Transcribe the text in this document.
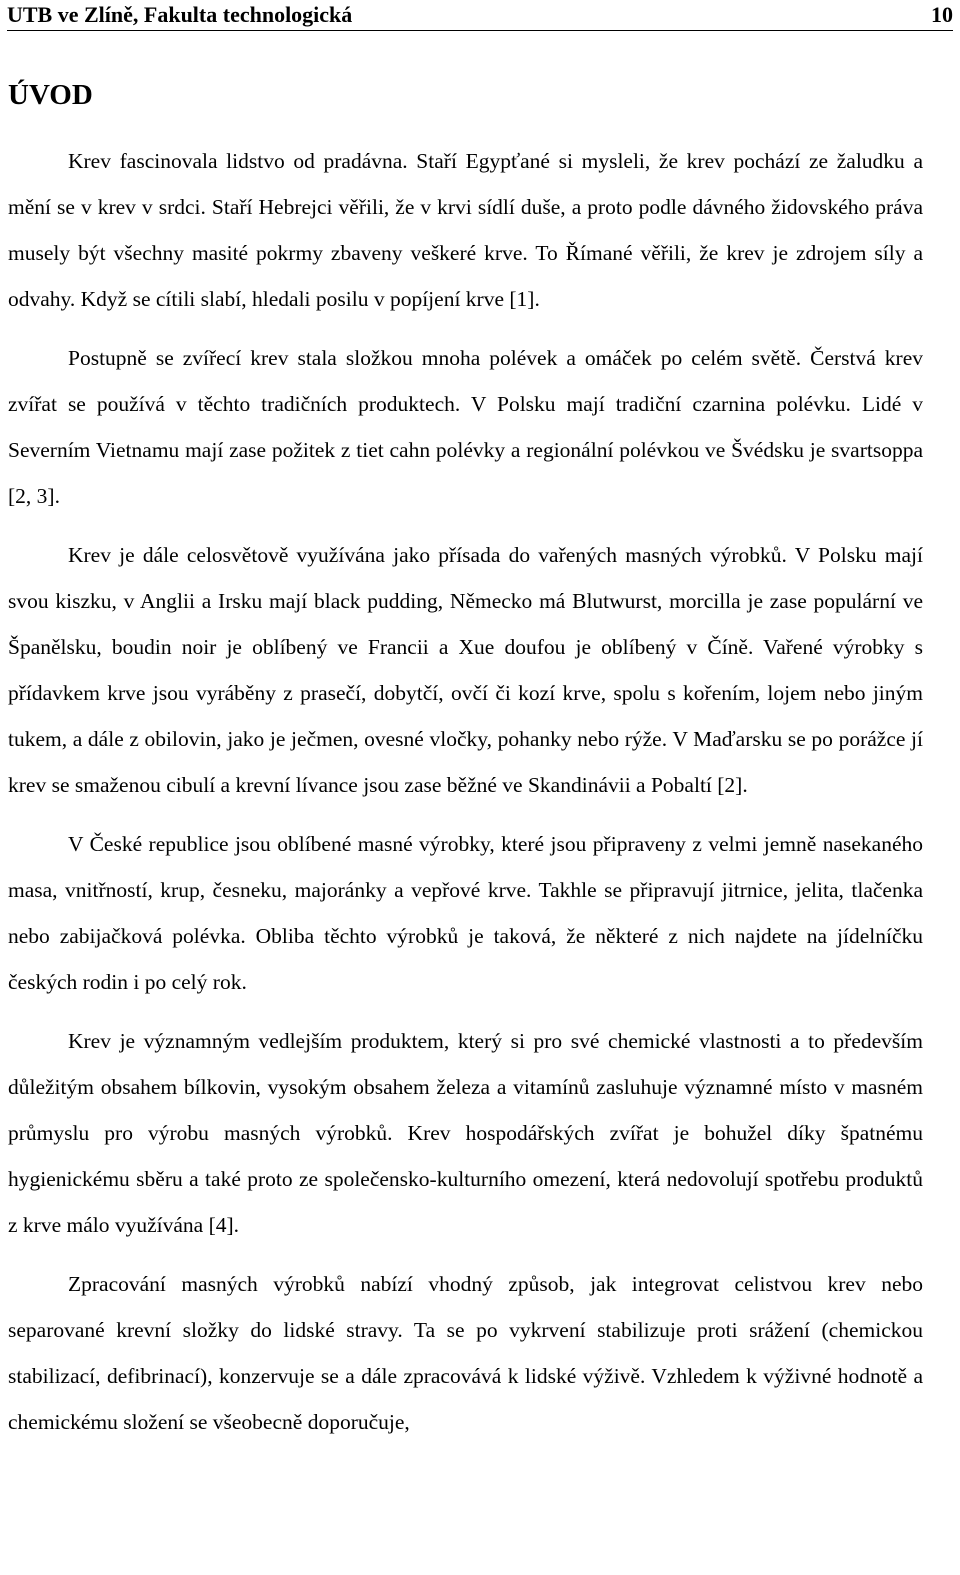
UTB ve Zlíně, Fakulta technologická	10
ÚVOD

Krev fascinovala lidstvo od pradávna. Staří Egypťané si mysleli, že krev pochází ze žaludku a mění se v krev v srdci. Staří Hebrejci věřili, že v krvi sídlí duše, a proto podle dávného židovského práva musely být všechny masité pokrmy zbaveny veškeré krve. To Římané věřili, že krev je zdrojem síly a odvahy. Když se cítili slabí, hledali posilu v popíjení krve [1].

Postupně se zvířecí krev stala složkou mnoha polévek a omáček po celém světě. Čerstvá krev zvířat se používá v těchto tradičních produktech. V Polsku mají tradiční czarnina polévku. Lidé v Severním Vietnamu mají zase požitek z tiet cahn polévky a regionální polévkou ve Švédsku je svartsoppa [2, 3].

Krev je dále celosvětově využívána jako přísada do vařených masných výrobků. V Polsku mají svou kiszku, v Anglii a Irsku mají black pudding, Německo má Blutwurst, morcilla je zase populární ve Španělsku, boudin noir je oblíbený ve Francii a Xue doufou je oblíbený v Číně. Vařené výrobky s přídavkem krve jsou vyráběny z prasečí, dobytčí, ovčí či kozí krve, spolu s kořením, lojem nebo jiným tukem, a dále z obilovin, jako je ječmen, ovesné vločky, pohanky nebo rýže. V Maďarsku se po porážce jí krev se smaženou cibulí a krevní lívance jsou zase běžné ve Skandinávii a Pobaltí [2].

V České republice jsou oblíbené masné výrobky, které jsou připraveny z velmi jemně nasekaného masa, vnitřností, krup, česneku, majoránky a vepřové krve. Takhle se připravují jitrnice, jelita, tlačenka nebo zabijačková polévka. Obliba těchto výrobků je taková, že některé z nich najdete na jídelníčku českých rodin i po celý rok.

Krev je významným vedlejším produktem, který si pro své chemické vlastnosti a to především důležitým obsahem bílkovin, vysokým obsahem železa a vitamínů zasluhuje významné místo v masném průmyslu pro výrobu masných výrobků. Krev hospodářských zvířat je bohužel díky špatnému hygienickému sběru a také proto ze společensko-kulturního omezení, která nedovolují spotřebu produktů z krve málo využívána [4].

Zpracování masných výrobků nabízí vhodný způsob, jak integrovat celistvou krev nebo separované krevní složky do lidské stravy. Ta se po vykrvení stabilizuje proti srážení (chemickou stabilizací, defibrinací), konzervuje se a dále zpracovává k lidské výživě. Vzhledem k výživné hodnotě a chemickému složení se všeobecně doporučuje,
